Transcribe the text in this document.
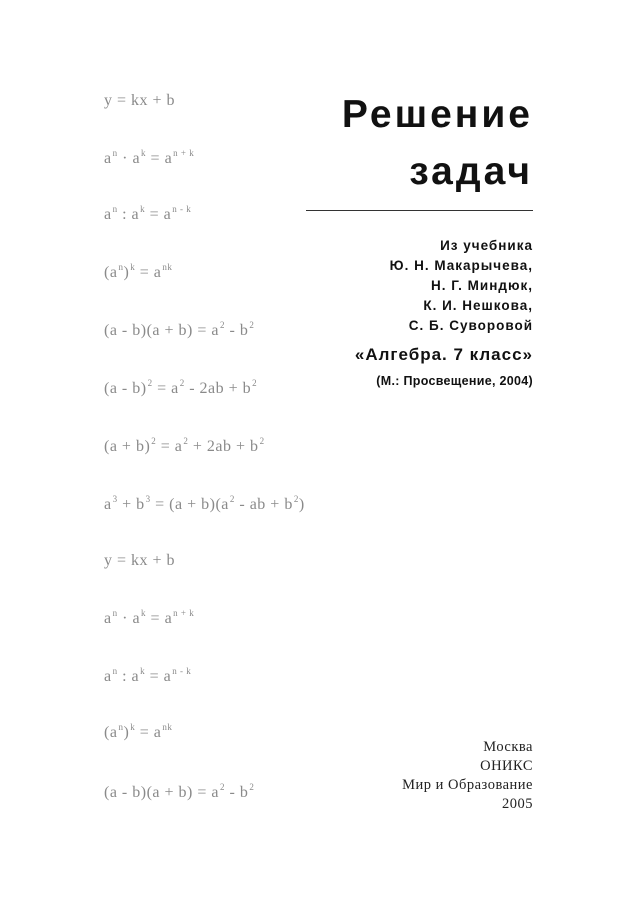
y = kx + b
$a^n \cdot a^k = a^{n + k}$
$a^n$ : $a^k = a^{n - k}$
$(a^n)^k = a^{nk}$
$(a - b)(a + b) = a^2 - b^2$
$(a - b)^2 = a^2 - 2ab + b^2$
$(a + b)^2 = a^2 + 2ab + b^2$
$a^3 + b^3 = (a + b)(a^2$ - ab + $b^2$)
y = kx + b
$a^n \cdot a^k = a^{n + k}$
$a^n$ : $a^k = a^{n - k}$
$(a^n)^k = a^{nk}$
$(a - b)(a + b) = a^2 - b^2$
Решение
задач
Из учебника
Ю. Н. Макарычева,
Н. Г. Миндюк,
К. И. Нешкова,
С. Б. Суворовой
«Алгебра. 7 класс»
(М.: Просвещение, 2004)
Москва
ОНИКС
Мир и Образование
2005
